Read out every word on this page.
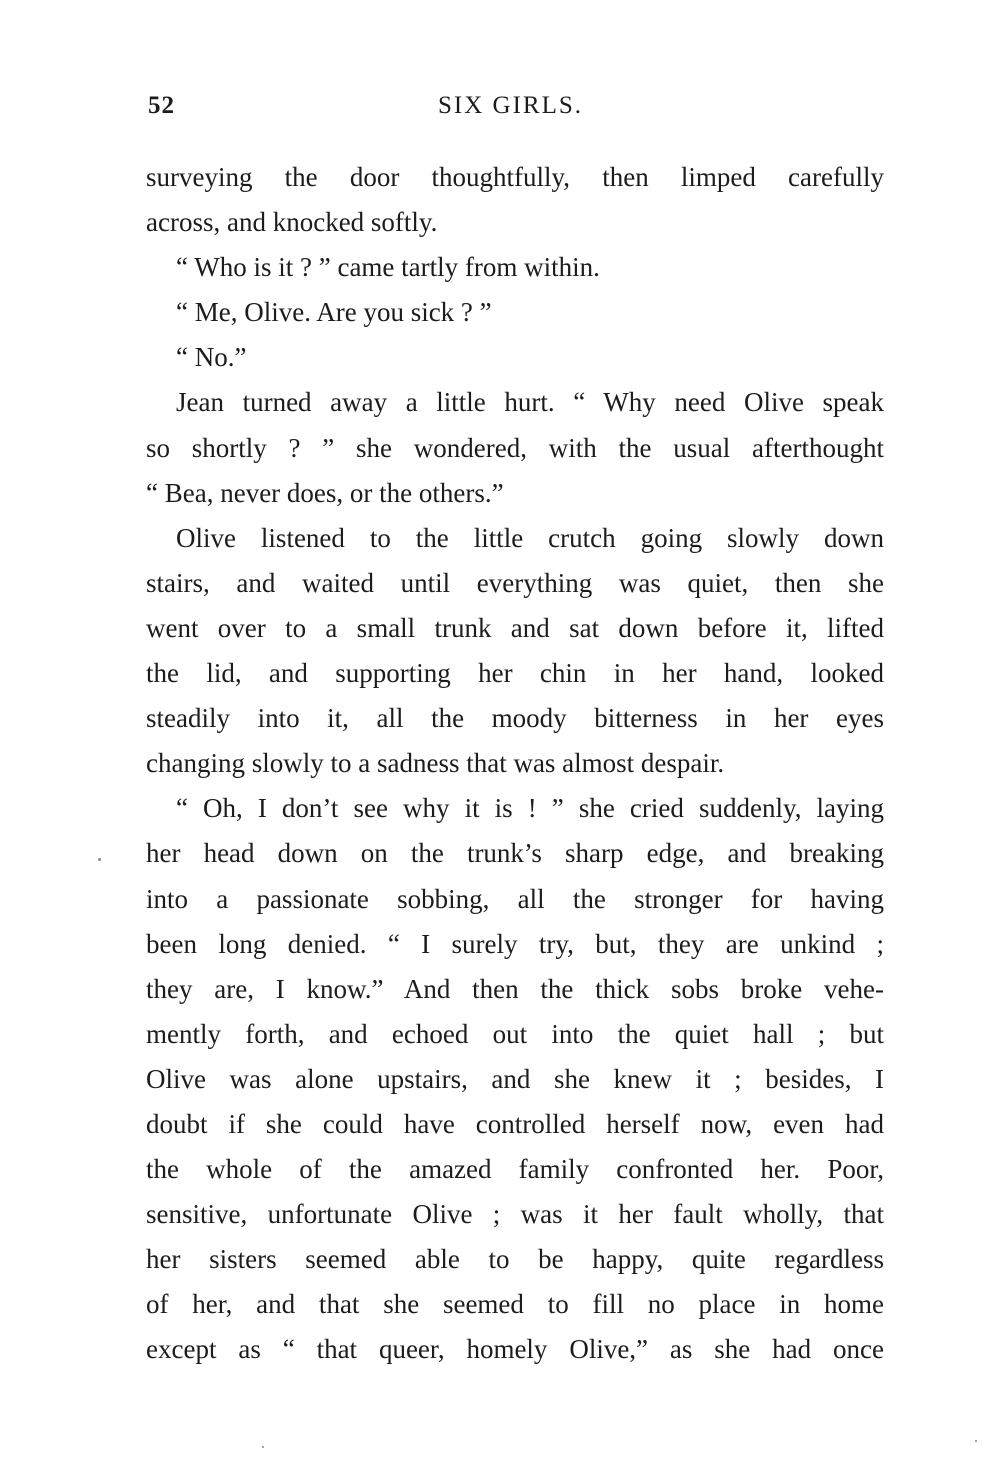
52	SIX GIRLS.
surveying the door thoughtfully, then limped carefully
across, and knocked softly.
“ Who is it ? ” came tartly from within.
“ Me, Olive. Are you sick ? ”
“ No.”
Jean turned away a little hurt. “ Why need Olive speak
so shortly ? ” she wondered, with the usual afterthought
“ Bea, never does, or the others.”
Olive listened to the little crutch going slowly down
stairs, and waited until everything was quiet, then she
went over to a small trunk and sat down before it, lifted
the lid, and supporting her chin in her hand, looked
steadily into it, all the moody bitterness in her eyes
changing slowly to a sadness that was almost despair.
“ Oh, I don’t see why it is ! ” she cried suddenly, laying
her head down on the trunk’s sharp edge, and breaking
into a passionate sobbing, all the stronger for having
been long denied. “ I surely try, but, they are unkind ;
they are, I know.” And then the thick sobs broke vehe-
mently forth, and echoed out into the quiet hall ; but
Olive was alone upstairs, and she knew it ; besides, I
doubt if she could have controlled herself now, even had
the whole of the amazed family confronted her. Poor,
sensitive, unfortunate Olive ; was it her fault wholly, that
her sisters seemed able to be happy, quite regardless
of her, and that she seemed to fill no place in home
except as “ that queer, homely Olive,” as she had once
